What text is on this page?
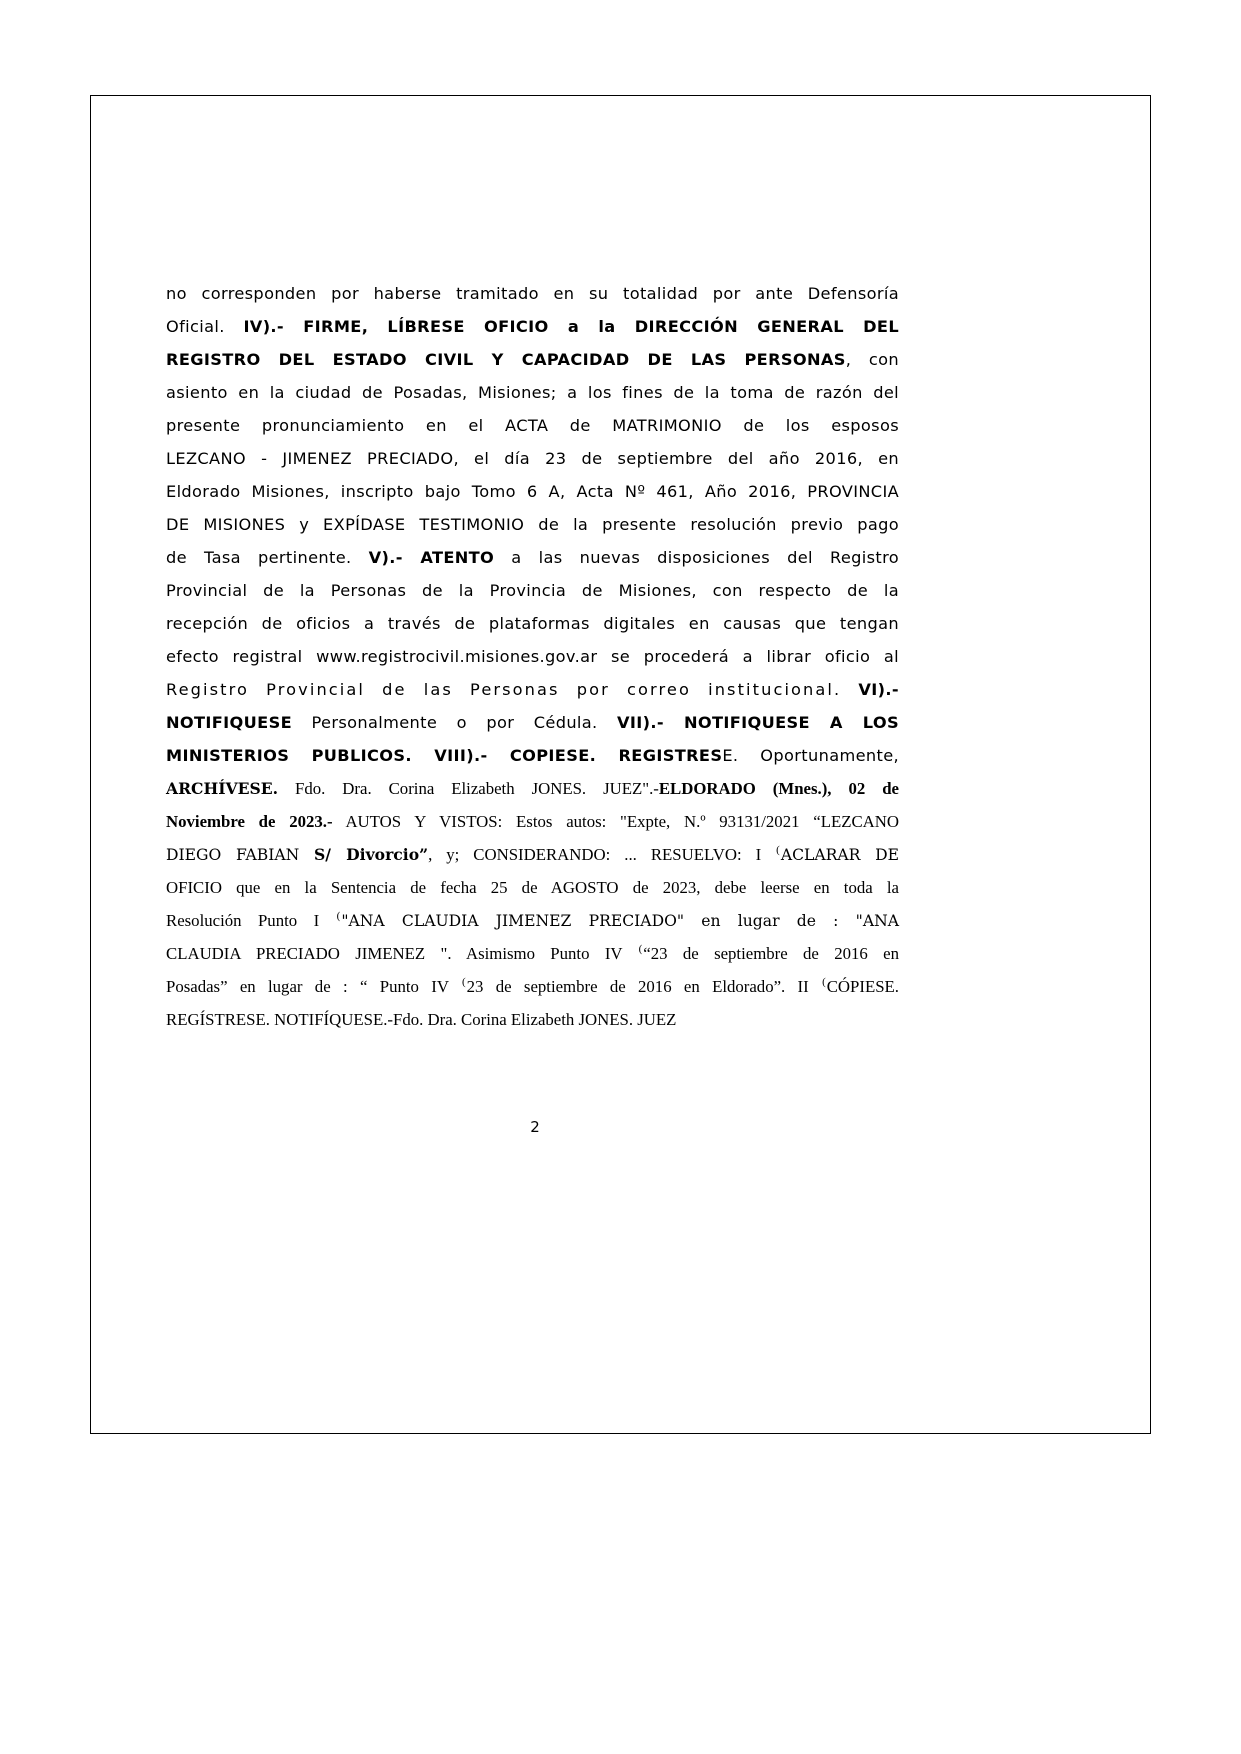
no corresponden por haberse tramitado en su totalidad por ante Defensoría
Oficial. IV).- FIRME, LÍBRESE OFICIO a la DIRECCIÓN GENERAL DEL
REGISTRO DEL ESTADO CIVIL Y CAPACIDAD DE LAS PERSONAS, con
asiento en la ciudad de Posadas, Misiones; a los fines de la toma de razón del
presente pronunciamiento en el ACTA de MATRIMONIO de los esposos
LEZCANO - JIMENEZ PRECIADO, el día 23 de septiembre del año 2016, en
Eldorado Misiones, inscripto bajo Tomo 6 A, Acta Nº 461, Año 2016, PROVINCIA
DE MISIONES y EXPÍDASE TESTIMONIO de la presente resolución previo pago
de Tasa pertinente. V).- ATENTO a las nuevas disposiciones del Registro
Provincial de la Personas de la Provincia de Misiones, con respecto de la
recepción de oficios a través de plataformas digitales en causas que tengan
efecto registral www.registrocivil.misiones.gov.ar se procederá a librar oficio al
Registro Provincial de las Personas por correo institucional. VI).-
NOTIFIQUESE Personalmente o por Cédula. VII).- NOTIFIQUESE A LOS
MINISTERIOS PUBLICOS. VIII).- COPIESE. REGISTRESE. Oportunamente,
ARCHÍVESE. Fdo. Dra. Corina Elizabeth JONES. JUEZ".-ELDORADO (Mnes.), 02 de
Noviembre de 2023.- AUTOS Y VISTOS: Estos autos: "Expte, N.º 93131/2021 “LEZCANO
DIEGO FABIAN S/ Divorcio”, y; CONSIDERANDO: ... RESUELVO: I (ACLARAR DE
OFICIO que en la Sentencia de fecha 25 de AGOSTO de 2023, debe leerse en toda la
Resolución Punto I ("ANA CLAUDIA JIMENEZ PRECIADO" en lugar de : "ANA
CLAUDIA PRECIADO JIMENEZ ". Asimismo Punto IV (“23 de septiembre de 2016 en
Posadas” en lugar de : “ Punto IV (23 de septiembre de 2016 en Eldorado”. II (CÓPIESE.
REGÍSTRESE. NOTIFÍQUESE.-Fdo. Dra. Corina Elizabeth JONES. JUEZ
2
